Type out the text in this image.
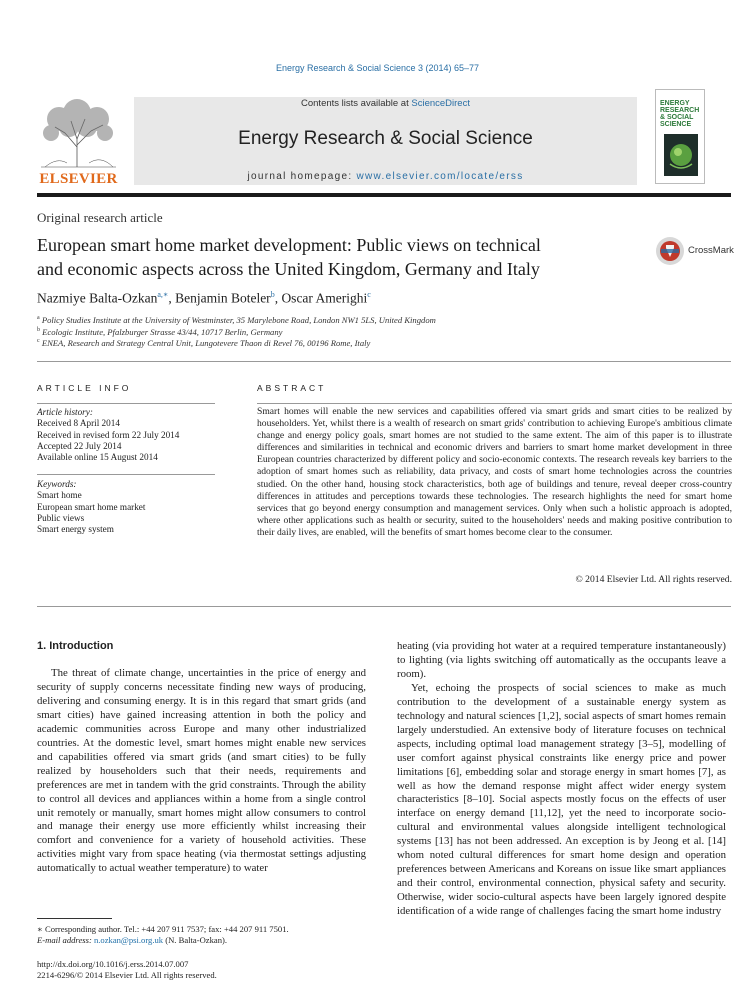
Energy Research & Social Science 3 (2014) 65–77
ELSEVIER
Contents lists available at ScienceDirect
Energy Research & Social Science
journal homepage: www.elsevier.com/locate/erss
ENERGY
RESEARCH
& SOCIAL
SCIENCE
Original research article
European smart home market development: Public views on technical
and economic aspects across the United Kingdom, Germany and Italy
CrossMark
Nazmiye Balta-Ozkan$^{a,∗}$, Benjamin Boteler$^b$, Oscar Amerighi$^c$
$^a$ Policy Studies Institute at the University of Westminster, 35 Marylebone Road, London NW1 5LS, United Kingdom
$^b$ Ecologic Institute, Pfalzburger Strasse 43/44, 10717 Berlin, Germany
$^c$ ENEA, Research and Strategy Central Unit, Lungotevere Thaon di Revel 76, 00196 Rome, Italy
ARTICLE INFO
Article history:
Received 8 April 2014
Received in revised form 22 July 2014
Accepted 22 July 2014
Available online 15 August 2014
Keywords:
Smart home
European smart home market
Public views
Smart energy system
ABSTRACT
Smart homes will enable the new services and capabilities offered via smart grids and smart cities to be realized by householders. Yet, whilst there is a wealth of research on smart grids' contribution to achieving Europe's ambitious climate change and energy policy goals, smart homes are not studied to the same extent. The aim of this paper is to illustrate differences and similarities in technical and economic drivers and barriers to smart home market development in three European countries characterized by different policy and socio-economic contexts. The research reveals key barriers to the adoption of smart homes such as reliability, data privacy, and costs of smart home technologies across the countries studied. On the other hand, housing stock characteristics, both age of buildings and tenure, reveal deeper cross-country differences in attitudes and perceptions towards these technologies. The research highlights the need for smart home services that go beyond energy consumption and management services. Only when such a holistic approach is adopted, where other applications such as health or security, suited to the householders' needs and making positive contribution to their daily lives, are enabled, will the benefits of smart homes become clear to the consumer.
© 2014 Elsevier Ltd. All rights reserved.
1. Introduction

The threat of climate change, uncertainties in the price of energy and security of supply concerns necessitate finding new ways of producing, delivering and consuming energy. It is in this regard that smart grids (and smart cities) have gained increasing attention in both the policy and academic communities across Europe and many other industrialized countries. At the domestic level, smart homes might enable new services and capabilities offered via smart grids (and smart cities) to be fully realized by householders such that their needs, requirements and preferences are met in tandem with the grid constraints. Through the ability to control all devices and appliances within a home from a single control unit remotely or manually, smart homes might allow consumers to control and manage their energy use more efficiently whilst increasing their comfort and convenience for a variety of household activities. These activities might vary from space heating (via thermostat settings adjusting automatically to actual weather temperature) to water

heating (via providing hot water at a required temperature instantaneously) to lighting (via lights switching off automatically as the occupants leave a room).

Yet, echoing the prospects of social sciences to make as much contribution to the development of a sustainable energy system as technology and natural sciences [1,2], social aspects of smart homes remain largely understudied. An extensive body of literature focuses on technical aspects, including optimal load management strategy [3–5], modelling of user comfort against physical constraints like energy price and power limitations [6], embedding solar and storage energy in smart homes [7], as well as how the demand response might affect wider energy system characteristics [8–10]. Social aspects mostly focus on the effects of user interface on energy demand [11,12], yet the need to incorporate socio-cultural and environmental values alongside intelligent technological systems [13] has not been addressed. An exception is by Jeong et al. [14] whom noted cultural differences for smart home design and operation preferences between Americans and Koreans on issue like smart appliances and their control, environmental connection, physical safety and security. Otherwise, wider socio-cultural aspects have been largely ignored despite identification of a wide range of challenges facing the smart home industry

∗ Corresponding author. Tel.: +44 207 911 7537; fax: +44 207 911 7501.
E-mail address: n.ozkan@psi.org.uk (N. Balta-Ozkan).
http://dx.doi.org/10.1016/j.erss.2014.07.007
2214-6296/© 2014 Elsevier Ltd. All rights reserved.
